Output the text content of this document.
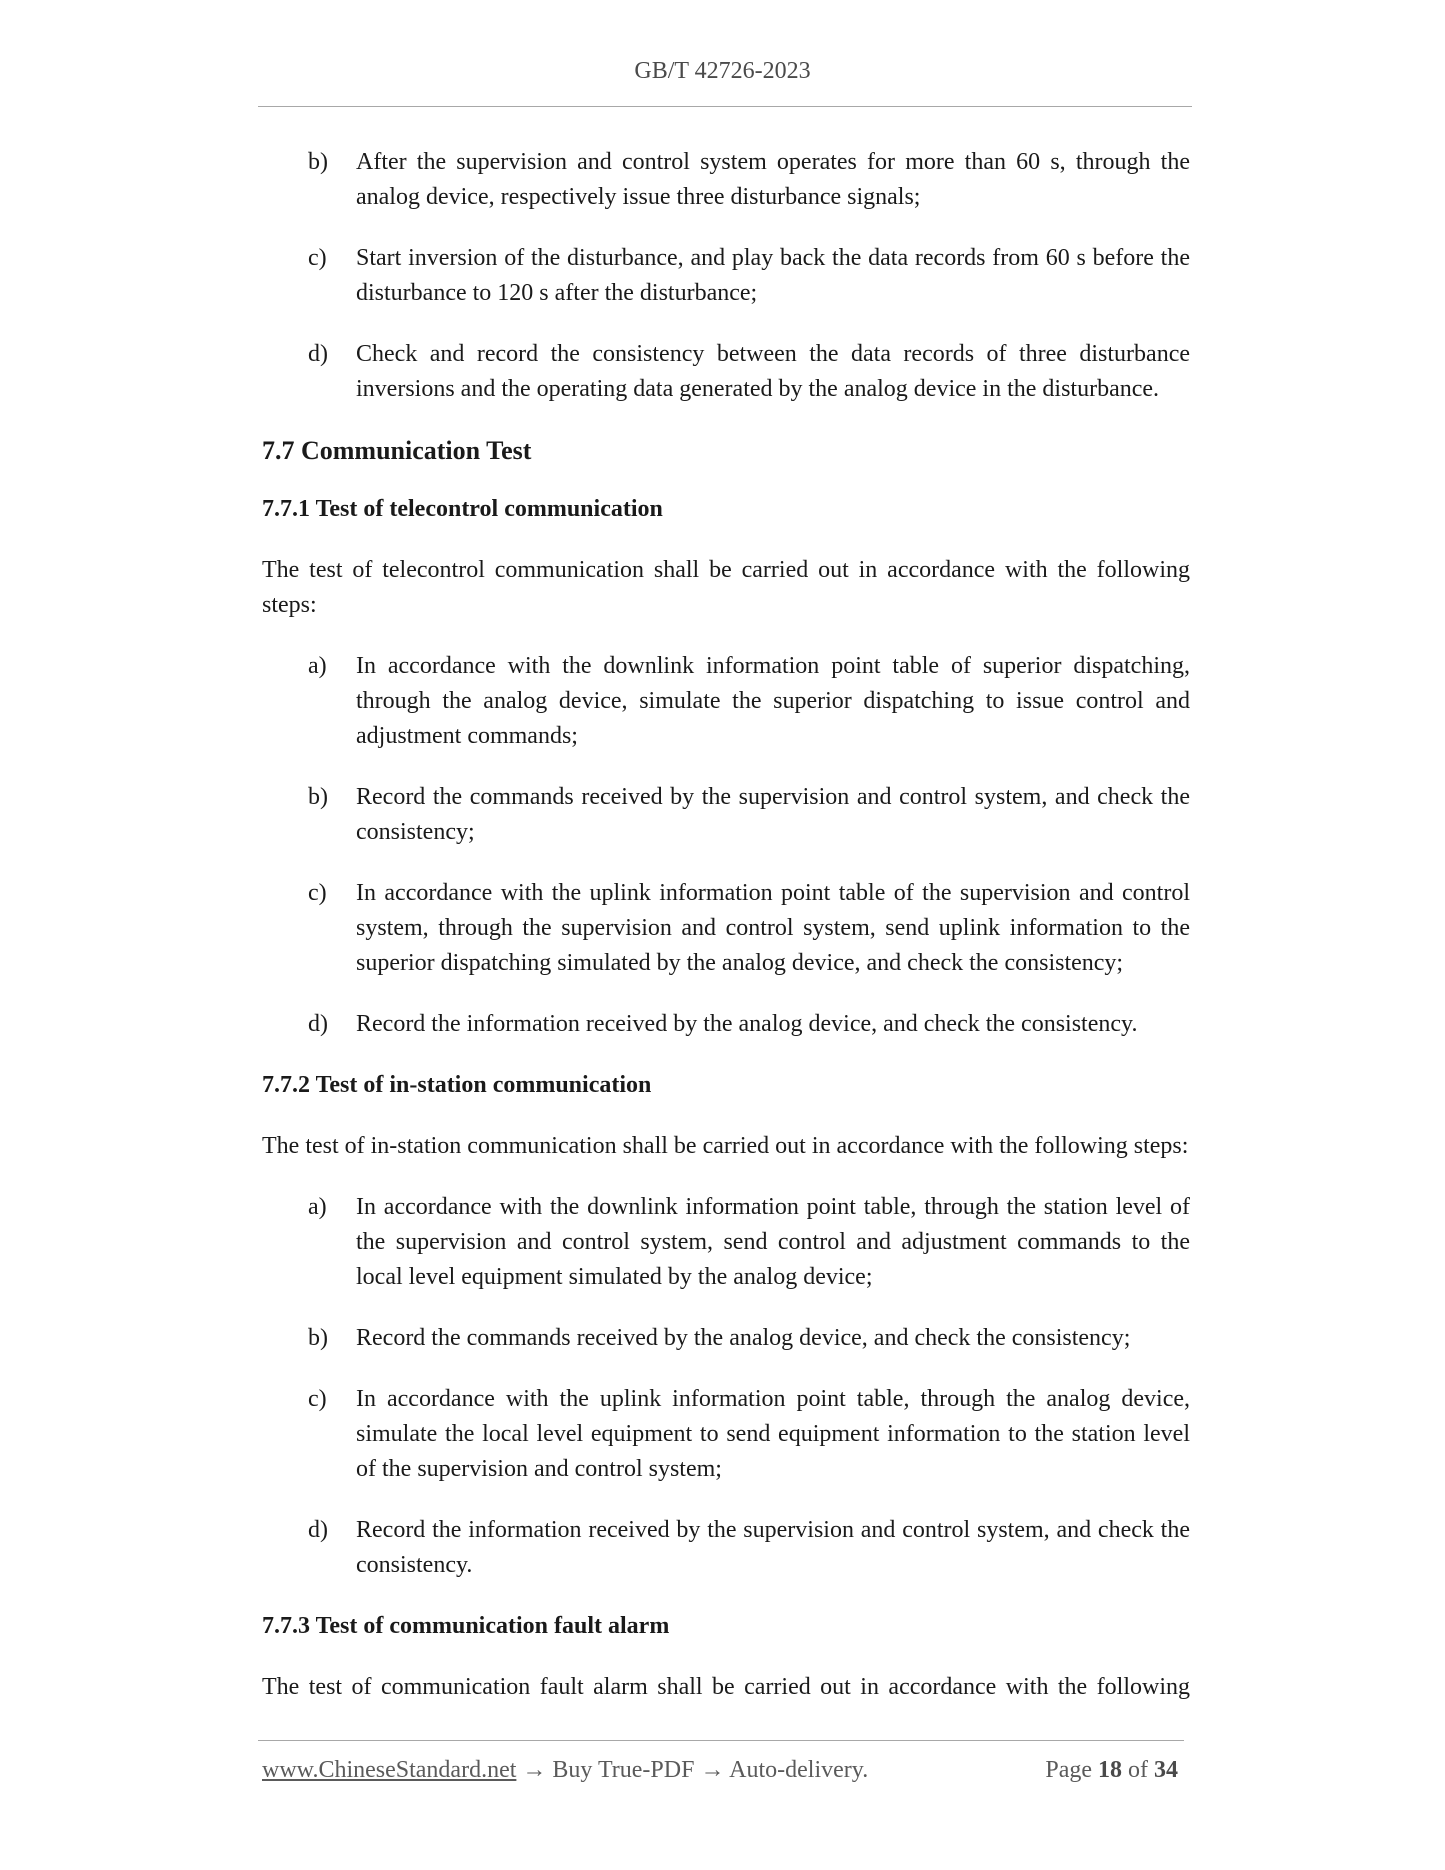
GB/T 42726-2023
b)	After the supervision and control system operates for more than 60 s, through the analog device, respectively issue three disturbance signals;
c)	Start inversion of the disturbance, and play back the data records from 60 s before the disturbance to 120 s after the disturbance;
d)	Check and record the consistency between the data records of three disturbance inversions and the operating data generated by the analog device in the disturbance.
7.7 Communication Test
7.7.1 Test of telecontrol communication

The test of telecontrol communication shall be carried out in accordance with the following steps:

a)	In accordance with the downlink information point table of superior dispatching, through the analog device, simulate the superior dispatching to issue control and adjustment commands;
b)	Record the commands received by the supervision and control system, and check the consistency;
c)	In accordance with the uplink information point table of the supervision and control system, through the supervision and control system, send uplink information to the superior dispatching simulated by the analog device, and check the consistency;
d)	Record the information received by the analog device, and check the consistency.
7.7.2 Test of in-station communication

The test of in-station communication shall be carried out in accordance with the following steps:

a)	In accordance with the downlink information point table, through the station level of the supervision and control system, send control and adjustment commands to the local level equipment simulated by the analog device;
b)	Record the commands received by the analog device, and check the consistency;
c)	In accordance with the uplink information point table, through the analog device, simulate the local level equipment to send equipment information to the station level of the supervision and control system;
d)	Record the information received by the supervision and control system, and check the consistency.
7.7.3 Test of communication fault alarm

The test of communication fault alarm shall be carried out in accordance with the following

www.ChineseStandard.net → Buy True-PDF → Auto-delivery.	Page 18 of 34
